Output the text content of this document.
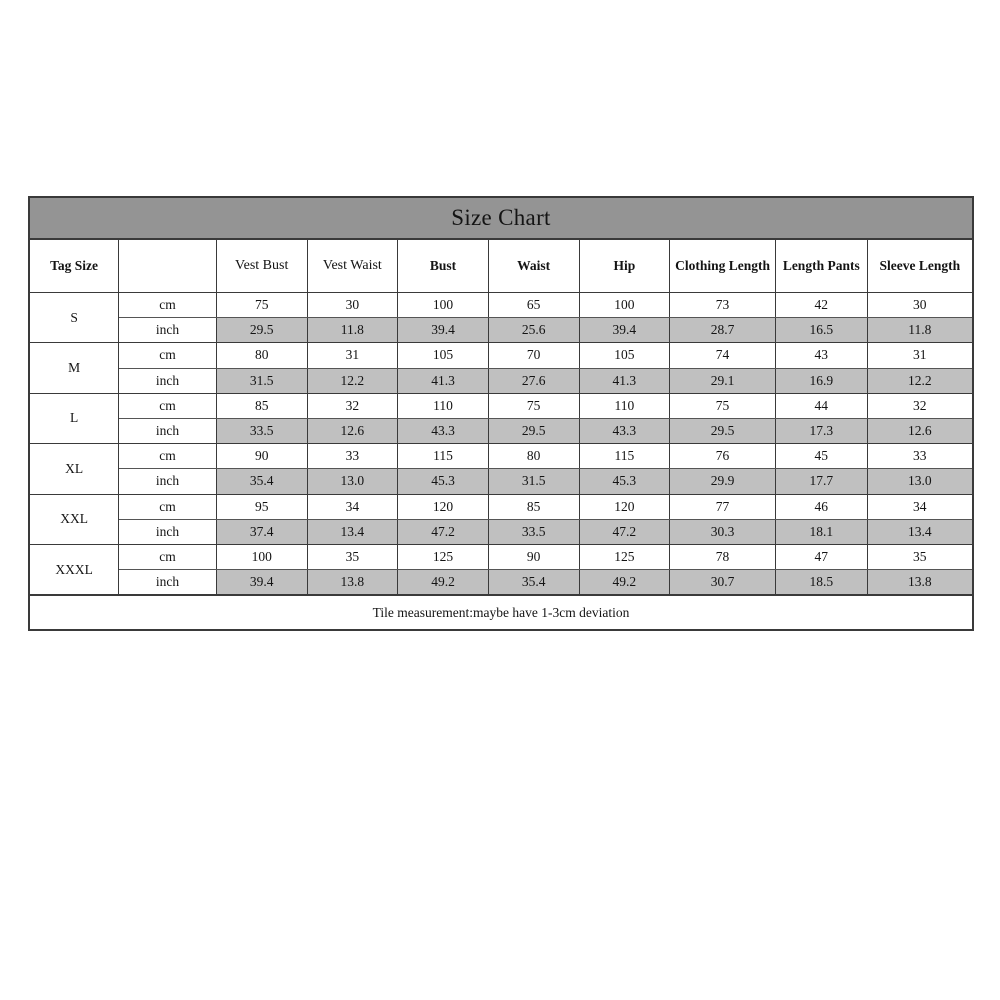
Size Chart									
Tag Size		Vest Bust	Vest Waist	Bust	Waist	Hip	Clothing Length	Length Pants	Sleeve Length
S	cm	75	30	100	65	100	73	42	30
	inch	29.5	11.8	39.4	25.6	39.4	28.7	16.5	11.8
M	cm	80	31	105	70	105	74	43	31
	inch	31.5	12.2	41.3	27.6	41.3	29.1	16.9	12.2
L	cm	85	32	110	75	110	75	44	32
	inch	33.5	12.6	43.3	29.5	43.3	29.5	17.3	12.6
XL	cm	90	33	115	80	115	76	45	33
	inch	35.4	13.0	45.3	31.5	45.3	29.9	17.7	13.0
XXL	cm	95	34	120	85	120	77	46	34
	inch	37.4	13.4	47.2	33.5	47.2	30.3	18.1	13.4
XXXL	cm	100	35	125	90	125	78	47	35
	inch	39.4	13.8	49.2	35.4	49.2	30.7	18.5	13.8
Tile measurement:maybe have 1-3cm deviation									
